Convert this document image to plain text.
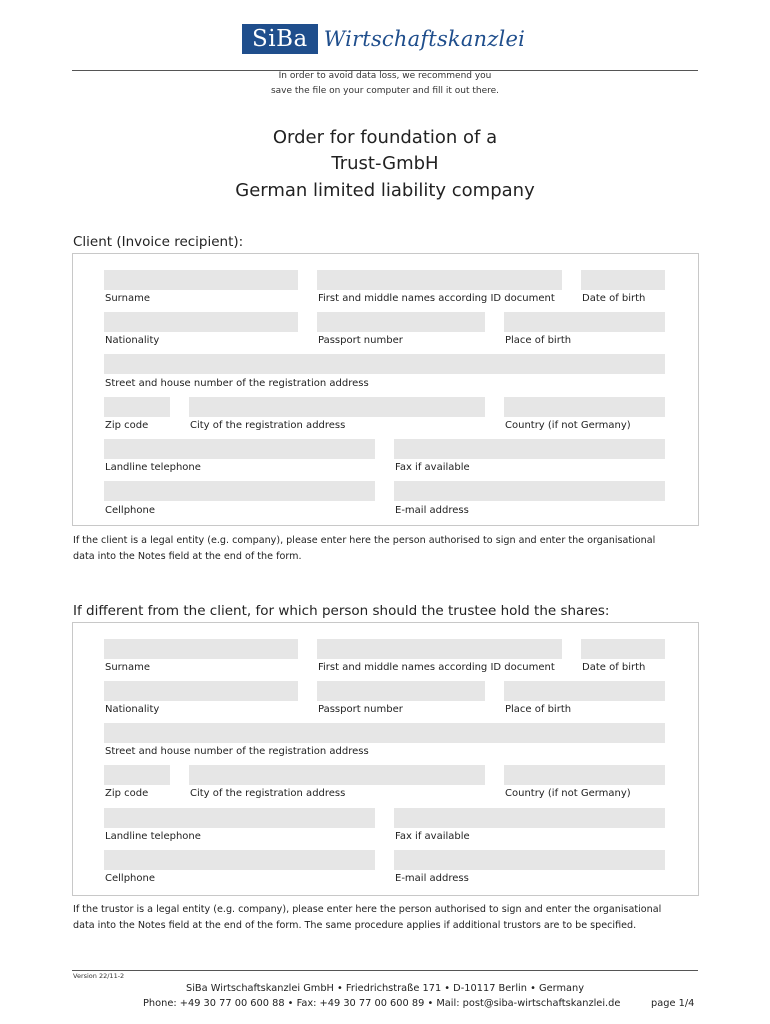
SiBa Wirtschaftskanzlei
In order to avoid data loss, we recommend you
save the file on your computer and fill it out there.
Order for foundation of a
Trust-GmbH
German limited liability company
Client (Invoice recipient):
Surname	First and middle names according ID document	Date of birth
Nationality	Passport number	Place of birth
Street and house number of the registration address
Zip code	City of the registration address	Country (if not Germany)
Landline telephone	Fax if available
Cellphone	E-mail address
If the client is a legal entity (e.g. company), please enter here the person authorised to sign and enter the organisational
data into the Notes field at the end of the form.
If different from the client, for which person should the trustee hold the shares:
Surname	First and middle names according ID document	Date of birth
Nationality	Passport number	Place of birth
Street and house number of the registration address
Zip code	City of the registration address	Country (if not Germany)
Landline telephone	Fax if available
Cellphone	E-mail address
If the trustor is a legal entity (e.g. company), please enter here the person authorised to sign and enter the organisational
data into the Notes field at the end of the form. The same procedure applies if additional trustors are to be specified.
Version 22/11-2
SiBa Wirtschaftskanzlei GmbH • Friedrichstraße 171 • D-10117 Berlin • Germany
Phone: +49 30 77 00 600 88 • Fax: +49 30 77 00 600 89 • Mail: post@siba-wirtschaftskanzlei.de	page 1/4
